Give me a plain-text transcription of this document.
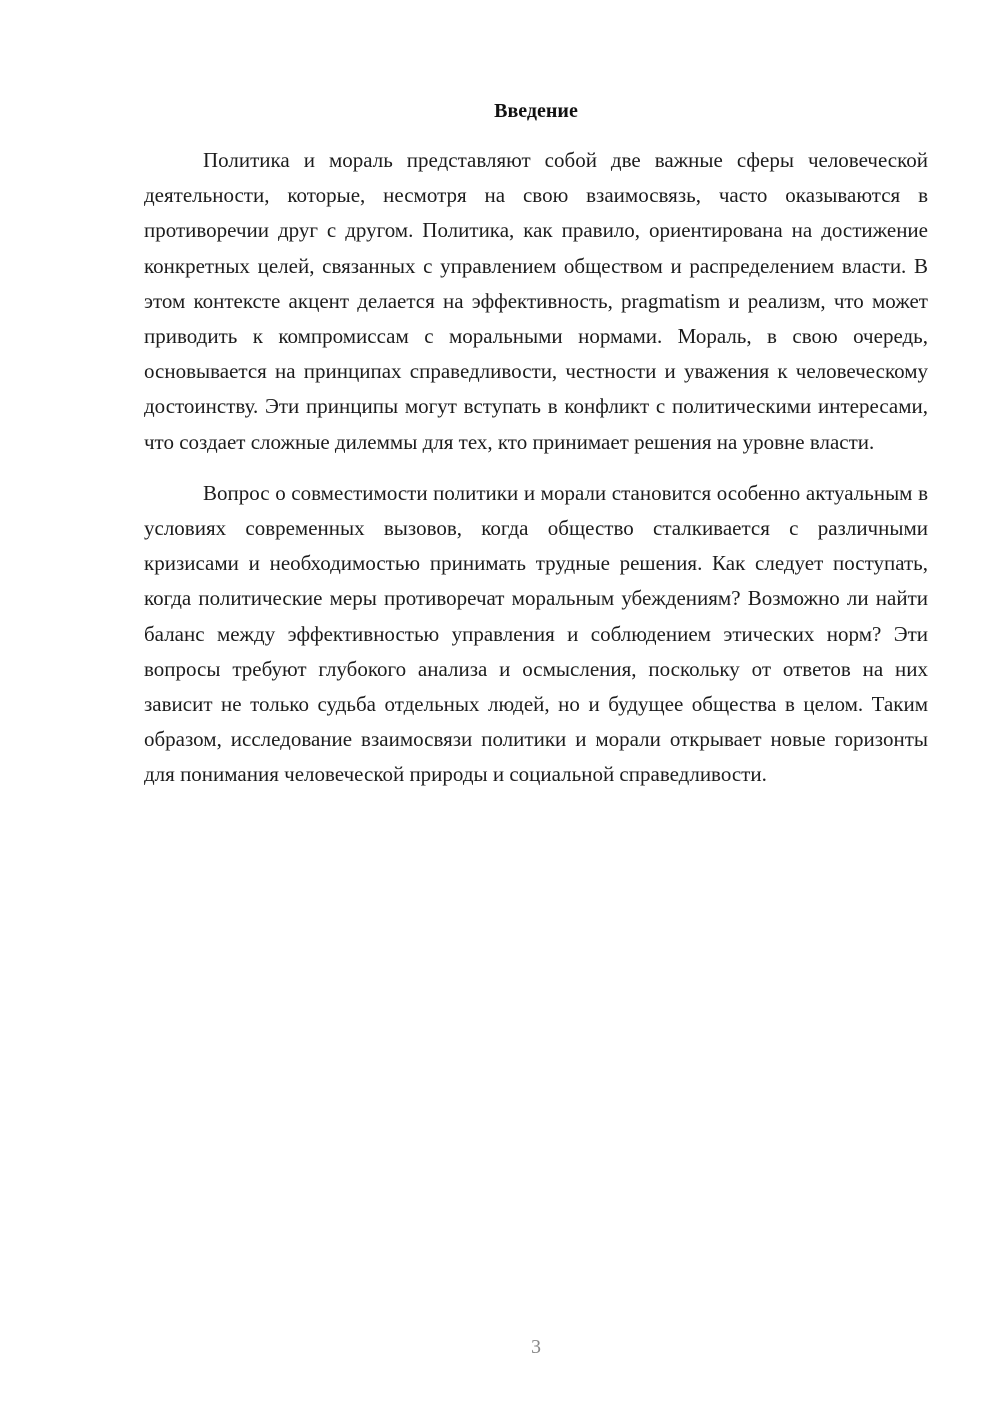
Введение

Политика и мораль представляют собой две важные сферы человеческой деятельности, которые, несмотря на свою взаимосвязь, часто оказываются в противоречии друг с другом. Политика, как правило, ориентирована на достижение конкретных целей, связанных с управлением обществом и распределением власти. В этом контексте акцент делается на эффективность, pragmatism и реализм, что может приводить к компромиссам с моральными нормами. Мораль, в свою очередь, основывается на принципах справедливости, честности и уважения к человеческому достоинству. Эти принципы могут вступать в конфликт с политическими интересами, что создает сложные дилеммы для тех, кто принимает решения на уровне власти.

Вопрос о совместимости политики и морали становится особенно актуальным в условиях современных вызовов, когда общество сталкивается с различными кризисами и необходимостью принимать трудные решения. Как следует поступать, когда политические меры противоречат моральным убеждениям? Возможно ли найти баланс между эффективностью управления и соблюдением этических норм? Эти вопросы требуют глубокого анализа и осмысления, поскольку от ответов на них зависит не только судьба отдельных людей, но и будущее общества в целом. Таким образом, исследование взаимосвязи политики и морали открывает новые горизонты для понимания человеческой природы и социальной справедливости.

3
